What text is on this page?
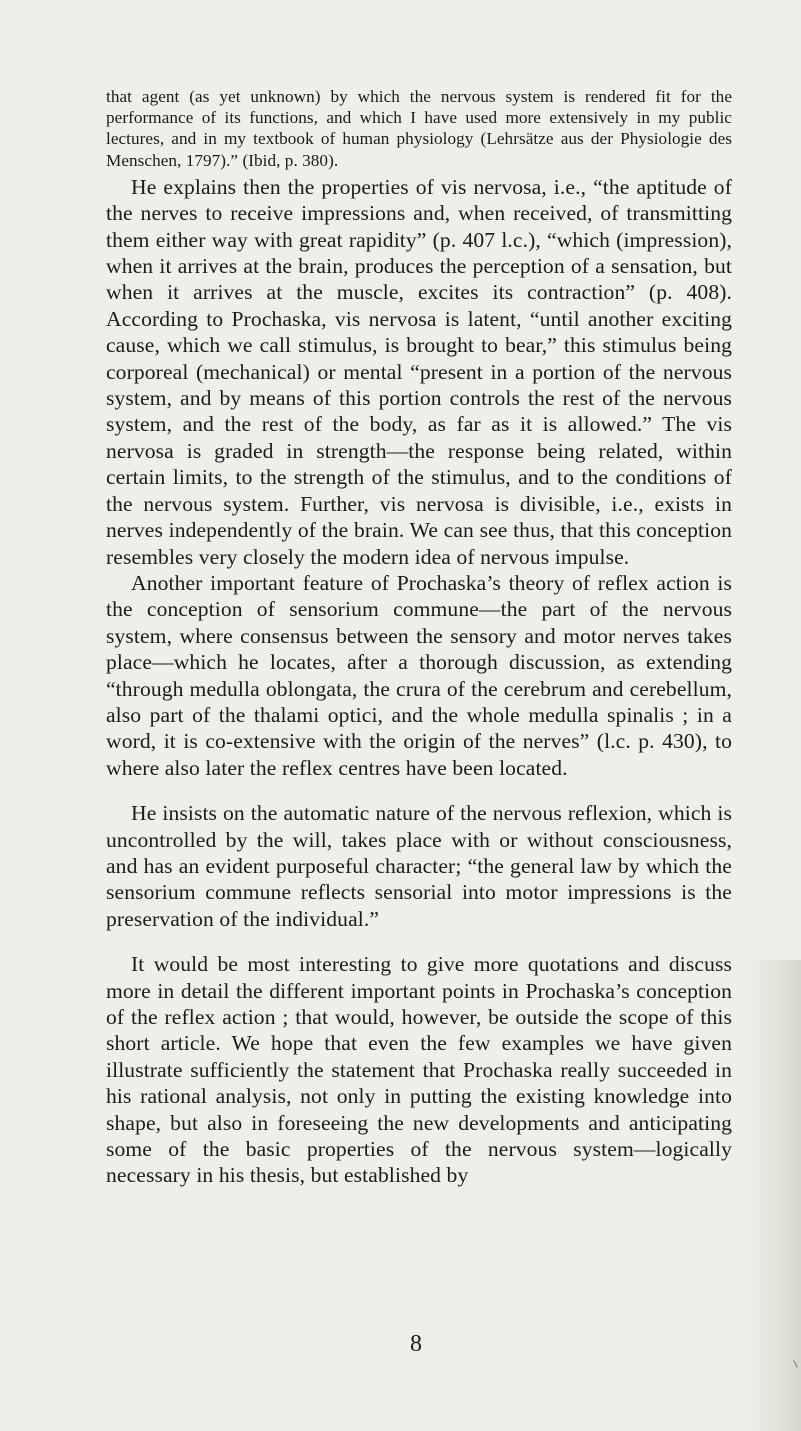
that agent (as yet unknown) by which the nervous system is rendered fit for the performance of its functions, and which I have used more extensively in my public lectures, and in my textbook of human physiology (Lehrsätze aus der Physiologie des Menschen, 1797).” (Ibid, p. 380).

He explains then the properties of vis nervosa, i.e., “the aptitude of the nerves to receive impressions and, when received, of transmitting them either way with great rapidity” (p. 407 l.c.), “which (impression), when it arrives at the brain, produces the perception of a sensation, but when it arrives at the muscle, excites its contraction” (p. 408). According to Prochaska, vis nervosa is latent, “until another exciting cause, which we call stimulus, is brought to bear,” this stimulus being corporeal (mechanical) or mental “present in a portion of the nervous system, and by means of this portion controls the rest of the nervous system, and the rest of the body, as far as it is allowed.” The vis nervosa is graded in strength—the response being related, within certain limits, to the strength of the stimulus, and to the conditions of the nervous system. Further, vis nervosa is divisible, i.e., exists in nerves independently of the brain. We can see thus, that this conception resembles very closely the modern idea of nervous impulse.

Another important feature of Prochaska’s theory of reflex action is the conception of sensorium commune—the part of the nervous system, where consensus between the sensory and motor nerves takes place—which he locates, after a thorough discussion, as extending “through medulla oblongata, the crura of the cerebrum and cerebellum, also part of the thalami optici, and the whole medulla spinalis ; in a word, it is co-extensive with the origin of the nerves” (l.c. p. 430), to where also later the reflex centres have been located.

He insists on the automatic nature of the nervous reflexion, which is uncontrolled by the will, takes place with or without consciousness, and has an evident purposeful character; “the general law by which the sensorium commune reflects sensorial into motor impressions is the preservation of the individual.”

It would be most interesting to give more quotations and discuss more in detail the different important points in Prochaska’s conception of the reflex action ; that would, however, be outside the scope of this short article. We hope that even the few examples we have given illustrate sufficiently the statement that Prochaska really succeeded in his rational analysis, not only in putting the existing knowledge into shape, but also in foreseeing the new developments and anticipating some of the basic properties of the nervous system—logically necessary in his thesis, but established by

8
